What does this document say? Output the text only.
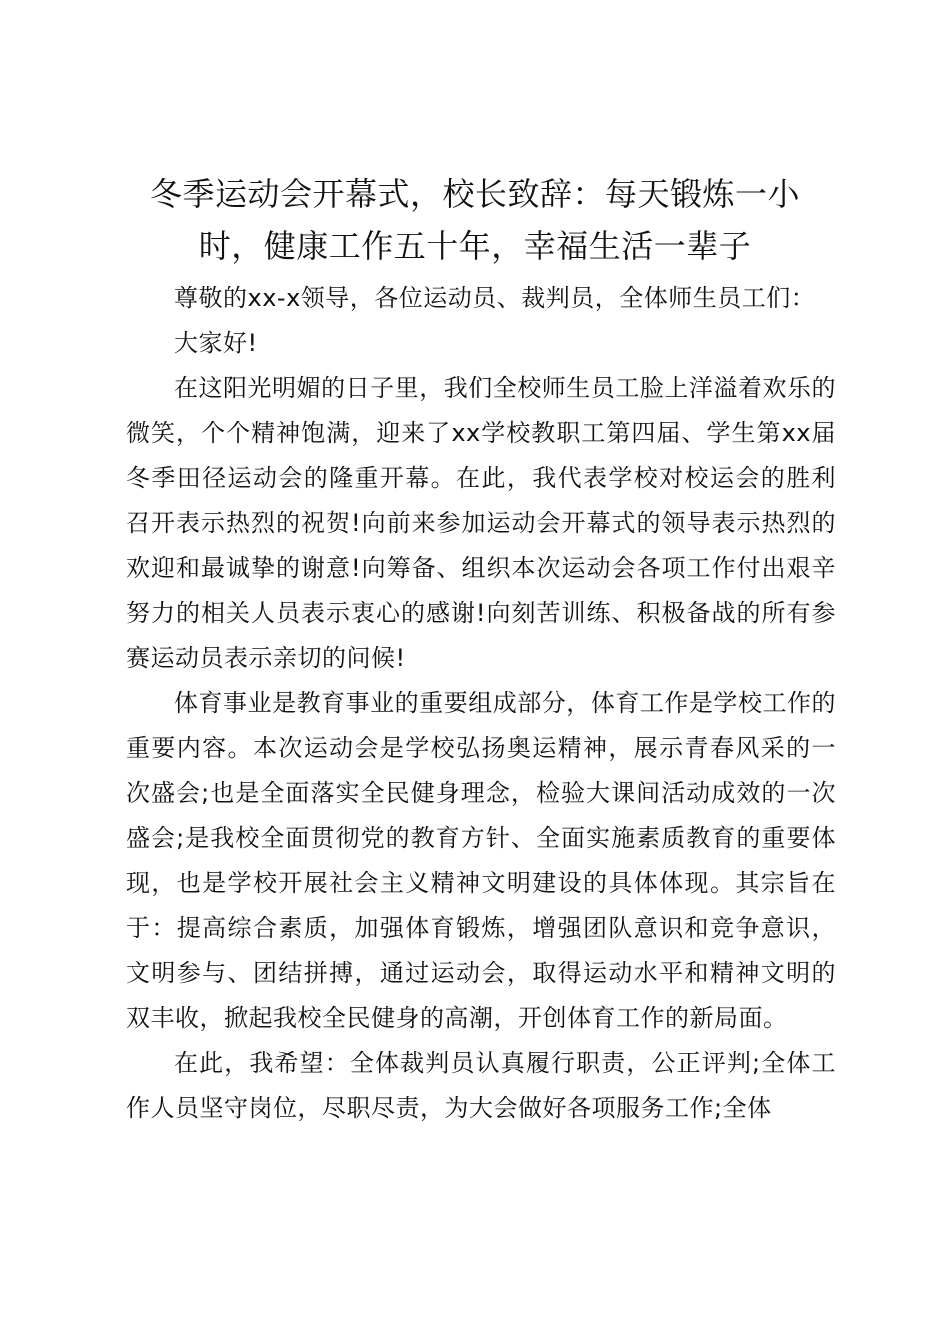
冬季运动会开幕式，校长致辞：每天锻炼一小
时，健康工作五十年，幸福生活一辈子

尊敬的xx-x领导，各位运动员、裁判员，全体师生员工们：

大家好!

在这阳光明媚的日子里，我们全校师生员工脸上洋溢着欢乐的微笑，个个精神饱满，迎来了xx学校教职工第四届、学生第xx届冬季田径运动会的隆重开幕。在此，我代表学校对校运会的胜利召开表示热烈的祝贺!向前来参加运动会开幕式的领导表示热烈的欢迎和最诚挚的谢意!向筹备、组织本次运动会各项工作付出艰辛努力的相关人员表示衷心的感谢!向刻苦训练、积极备战的所有参赛运动员表示亲切的问候!

体育事业是教育事业的重要组成部分，体育工作是学校工作的重要内容。本次运动会是学校弘扬奥运精神，展示青春风采的一次盛会;也是全面落实全民健身理念，检验大课间活动成效的一次盛会;是我校全面贯彻党的教育方针、全面实施素质教育的重要体现，也是学校开展社会主义精神文明建设的具体体现。其宗旨在于：提高综合素质，加强体育锻炼，增强团队意识和竞争意识，文明参与、团结拼搏，通过运动会，取得运动水平和精神文明的双丰收，掀起我校全民健身的高潮，开创体育工作的新局面。

在此，我希望：全体裁判员认真履行职责，公正评判;全体工作人员坚守岗位，尽职尽责，为大会做好各项服务工作;全体
